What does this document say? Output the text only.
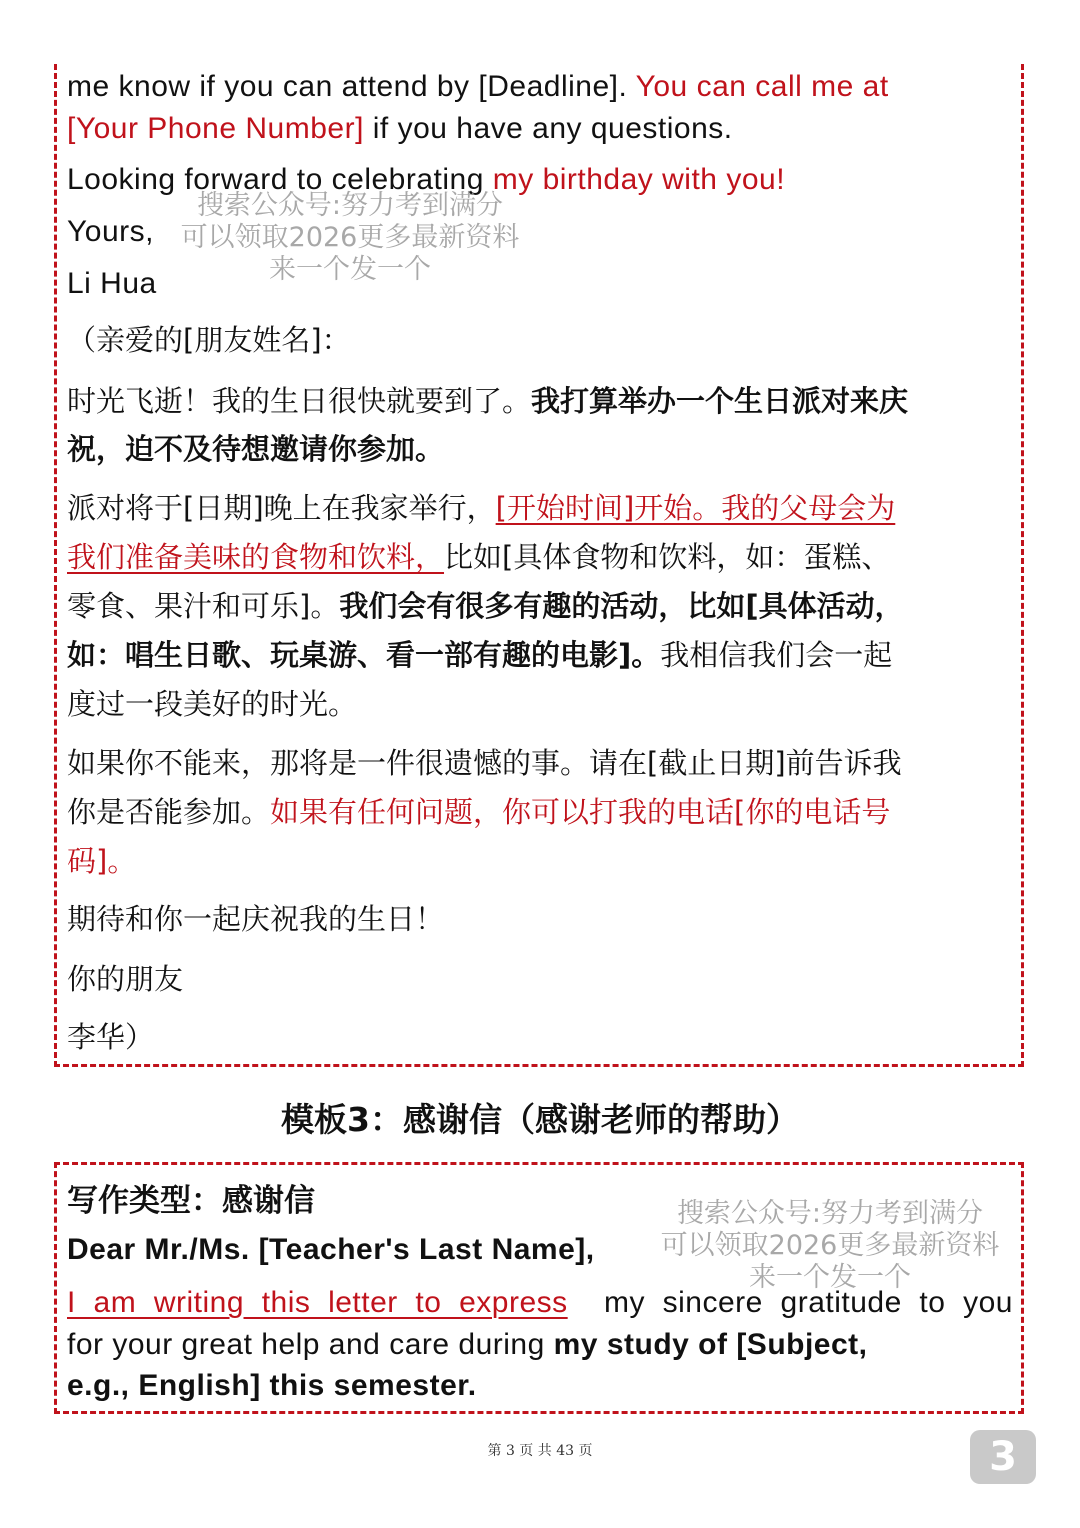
me know if you can attend by [Deadline]. You can call me at

[Your Phone Number] if you have any questions.

Looking forward to celebrating my birthday with you!

Yours,

Li Hua

（亲爱的[朋友姓名]：

时光飞逝！我的生日很快就要到了。我打算举办一个生日派对来庆

祝，迫不及待想邀请你参加。

派对将于[日期]晚上在我家举行，[开始时间]开始。我的父母会为

我们准备美味的食物和饮料，比如[具体食物和饮料，如：蛋糕、

零食、果汁和可乐]。我们会有很多有趣的活动，比如[具体活动，

如：唱生日歌、玩桌游、看一部有趣的电影]。我相信我们会一起

度过一段美好的时光。

如果你不能来，那将是一件很遗憾的事。请在[截止日期]前告诉我

你是否能参加。如果有任何问题，你可以打我的电话[你的电话号

码]。

期待和你一起庆祝我的生日！

你的朋友

李华）

模板3：感谢信（感谢老师的帮助）

写作类型：感谢信

Dear Mr./Ms. [Teacher's Last Name],

I  am  writing  this  letter  to  express my  sincere  gratitude  to  you

for your great help and care during my study of [Subject,

e.g., English] this semester.

搜索公众号:努力考到满分
可以领取2026更多最新资料
来一个发一个
搜索公众号:努力考到满分
可以领取2026更多最新资料
来一个发一个
第 3 页 共 43 页	3
